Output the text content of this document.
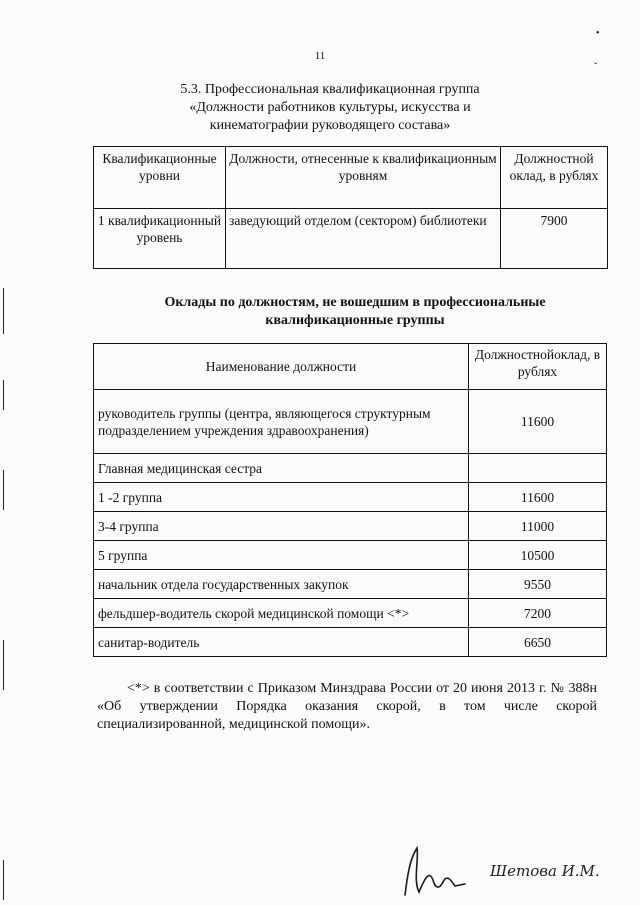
11
5.3. Профессиональная квалификационная группа
«Должности работников культуры, искусства и
кинематографии руководящего состава»
Квалификационные уровни	Должности, отнесенные к квалификационным уровням	Должностной оклад, в рублях
1 квалификационный уровень	заведующий отделом (сектором) библиотеки	7900
Оклады по должностям, не вошедшим в профессиональные
квалификационные группы
Наименование должности	Должностнойоклад, в рублях
руководитель группы (центра, являющегося структурным подразделением учреждения здравоохранения)	11600
Главная медицинская сестра	
1 -2 группа	11600
3-4 группа	11000
5 группа	10500
начальник отдела государственных закупок	9550
фельдшер-водитель скорой медицинской помощи <*>	7200
санитар-водитель	6650
<*> в соответствии с Приказом Минздрава России от 20 июня 2013 г. № 388н «Об утверждении Порядка оказания скорой, в том числе скорой специализированной, медицинской помощи».
•
ˇ
Шетова И.М.
